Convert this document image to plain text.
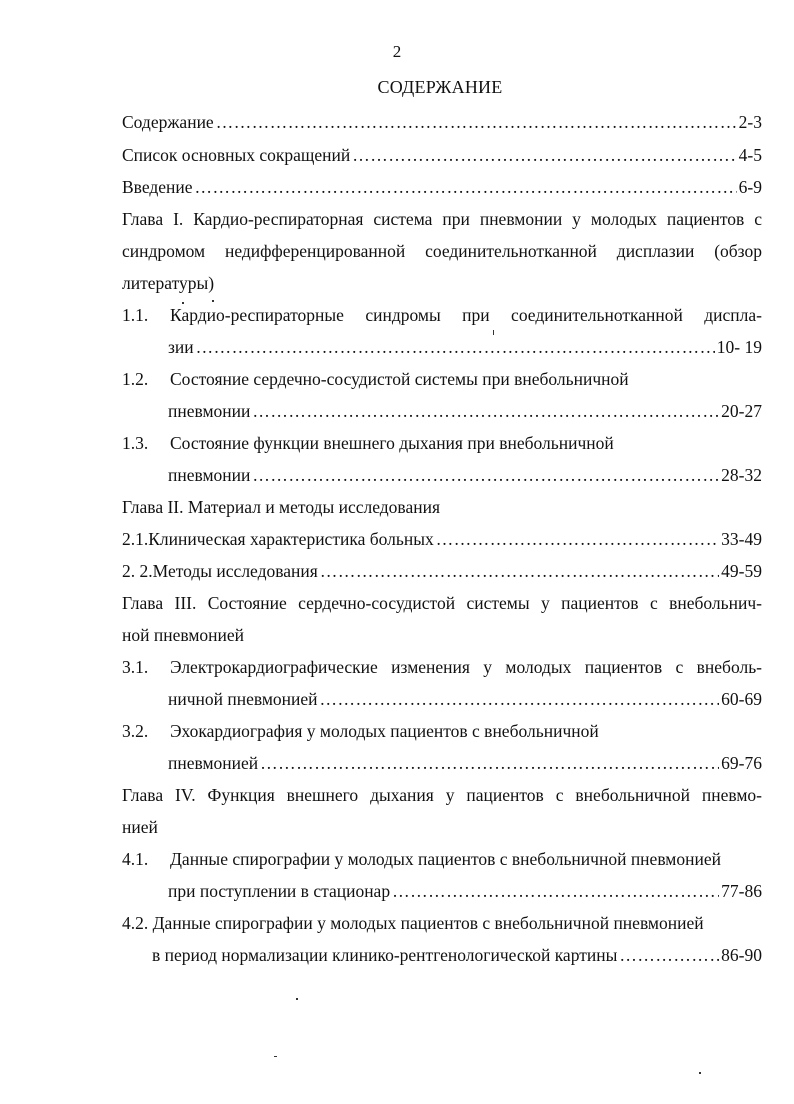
2
СОДЕРЖАНИЕ
Содержание …………………………………………………………………………………………………………………………………………	2-3
Список основных сокращений …………………………………………………………………………………………………………………………………………	4-5
Введение …………………………………………………………………………………………………………………………………………	6-9
Глава I. Кардио-респираторная система при пневмонии у молодых пациентов с
синдромом недифференцированной соединительнотканной дисплазии (обзор
литературы)
1.1. Кардио-респираторные синдромы при соединительнотканной диспла-
зии …………………………………………………………………………………………………………………………………………	10- 19
1.2. Состояние сердечно-сосудистой системы при внебольничной
пневмонии …………………………………………………………………………………………………………………………………………	20-27
1.3. Состояние функции внешнего дыхания при внебольничной
пневмонии …………………………………………………………………………………………………………………………………………	28-32
Глава II. Материал и методы исследования
2.1. Клиническая характеристика больных …………………………………………………………………………………………………………………………………………	33-49
2. 2. Методы исследования …………………………………………………………………………………………………………………………………………	49-59
Глава III. Состояние сердечно-сосудистой системы у пациентов с внебольнич-
ной пневмонией
3.1. Электрокардиографические изменения у молодых пациентов с внеболь-
ничной пневмонией …………………………………………………………………………………………………………………………………………	60-69
3.2. Эхокардиография у молодых пациентов с внебольничной
пневмонией …………………………………………………………………………………………………………………………………………	69-76
Глава IV. Функция внешнего дыхания у пациентов с внебольничной пневмо-
нией
4.1. Данные спирографии у молодых пациентов с внебольничной пневмонией
при поступлении в стационар …………………………………………………………………………………………………………………………………………	77-86
4.2. Данные спирографии у молодых пациентов с внебольничной пневмонией
в период нормализации клинико-рентгенологической картины …………………………………………………………………………………………………………………………………………	86-90
